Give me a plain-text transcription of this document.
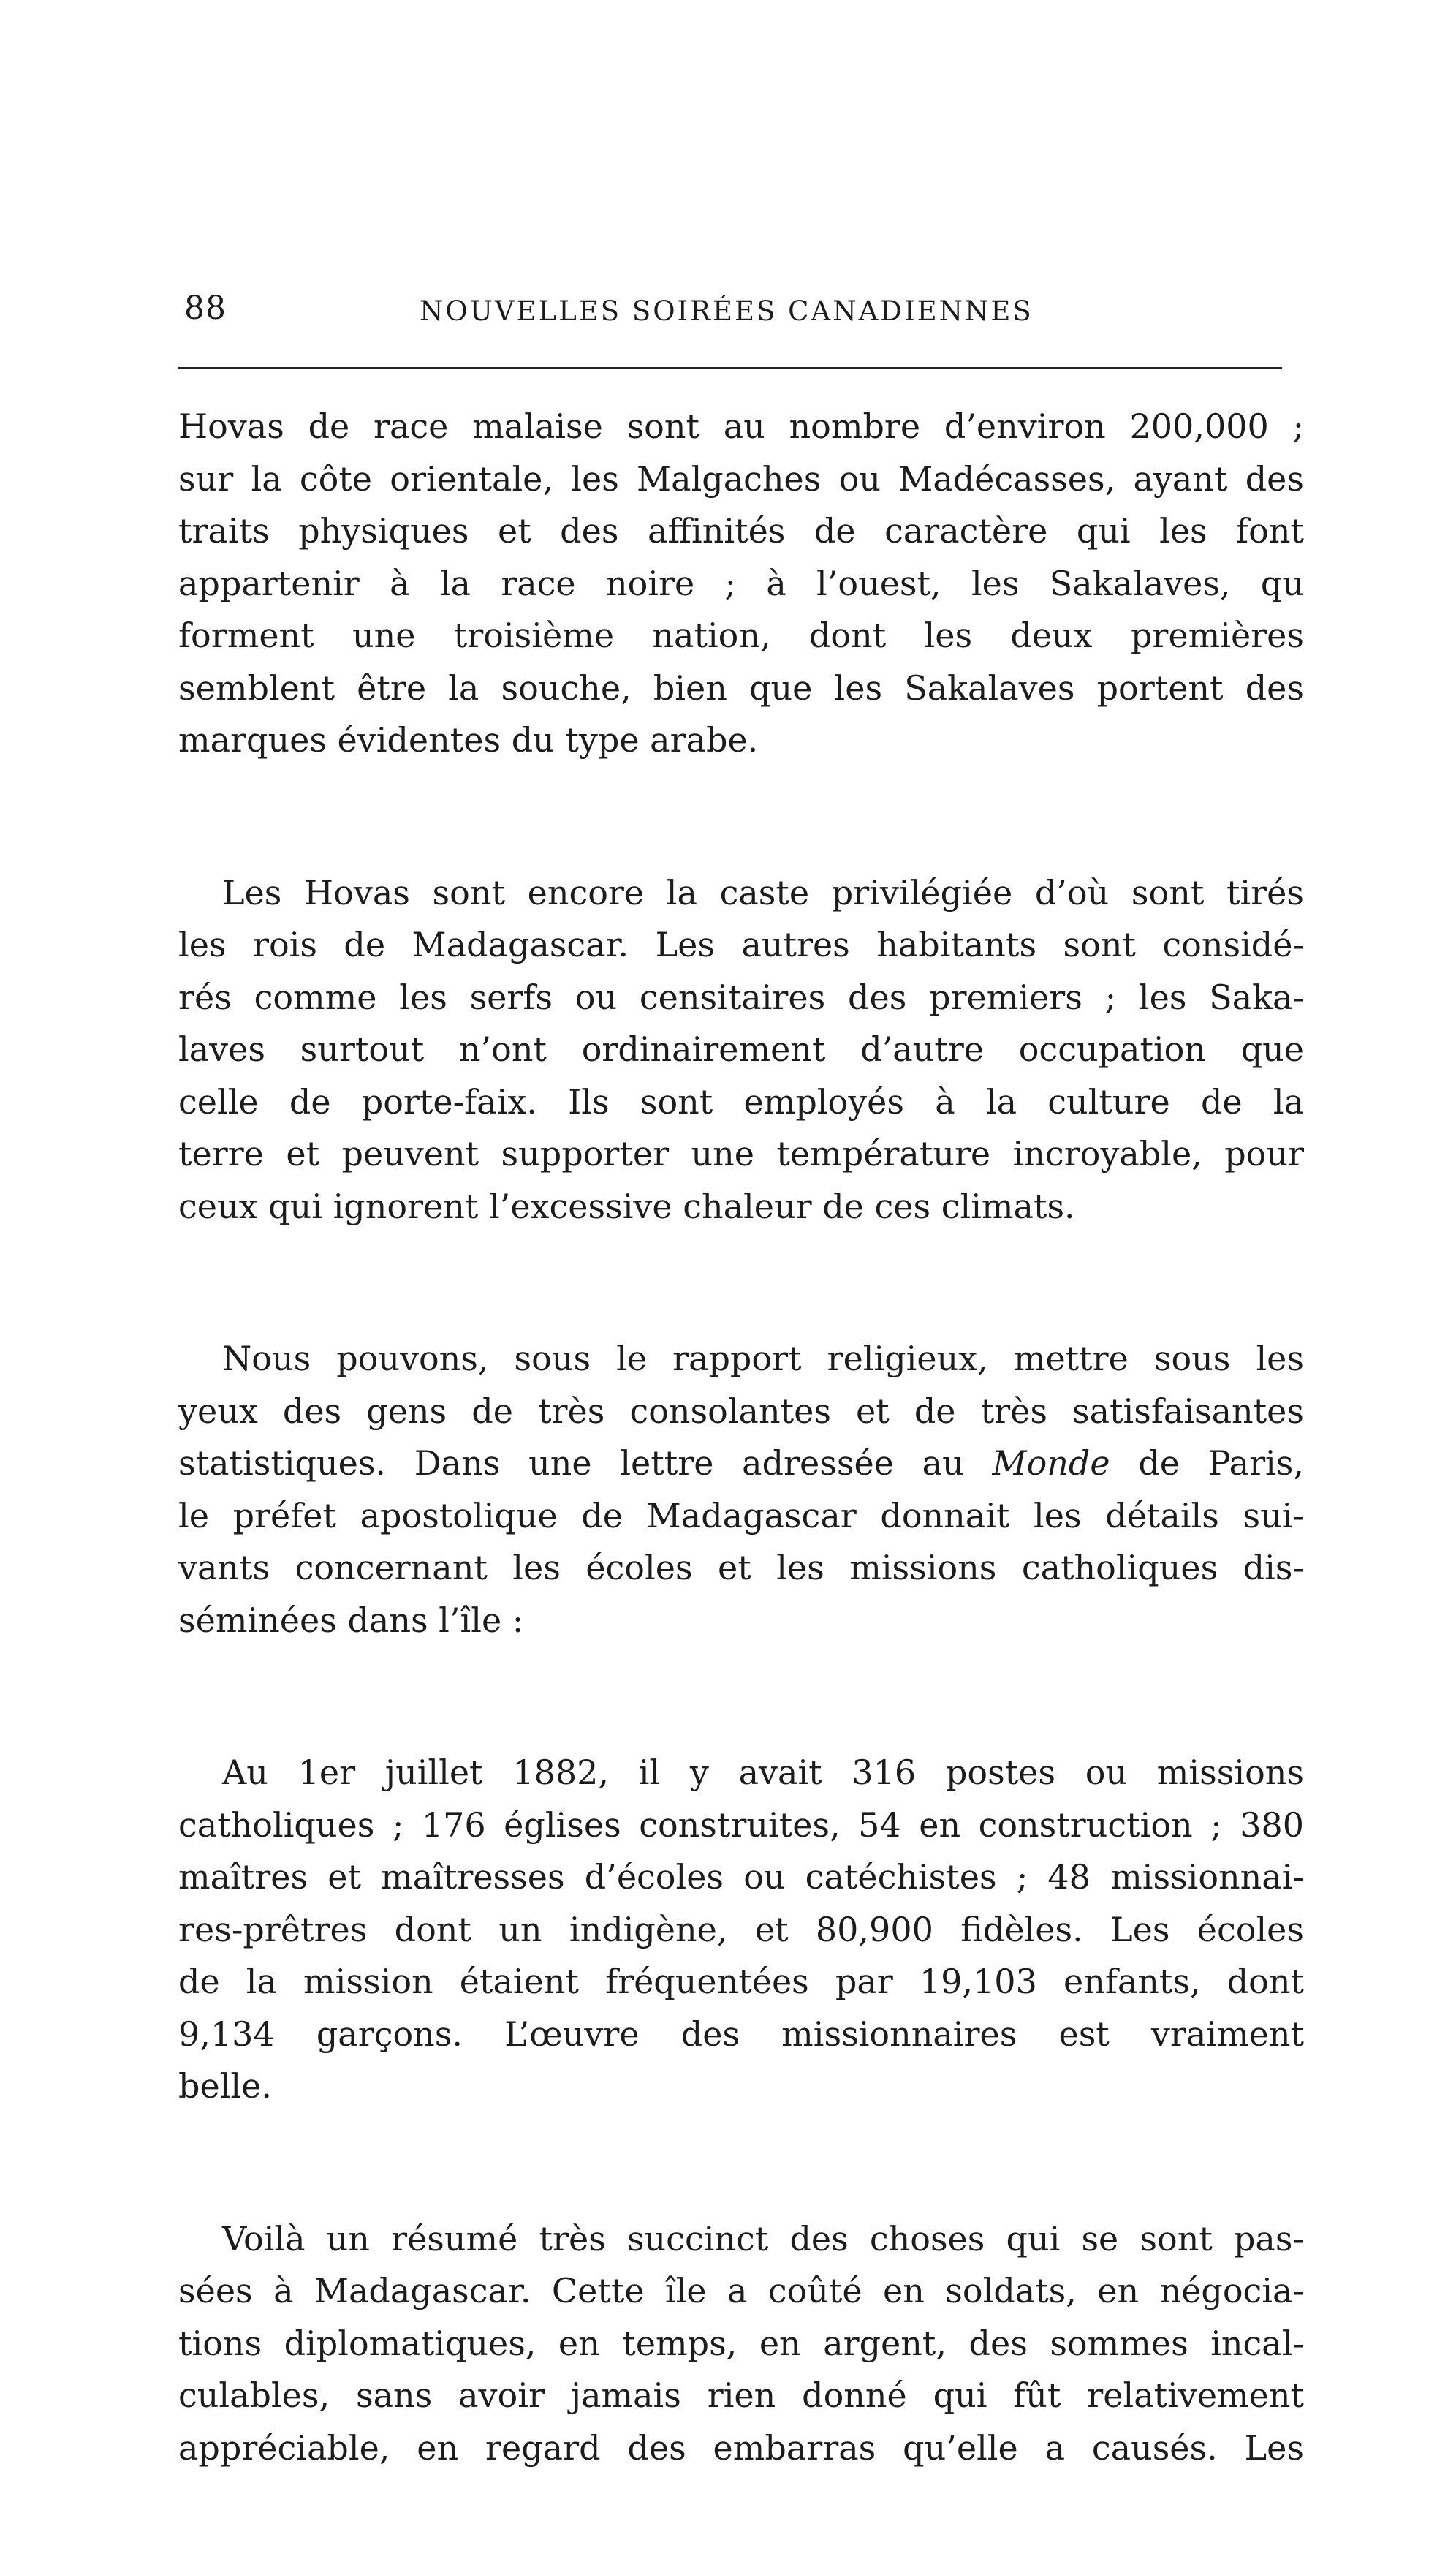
88	NOUVELLES SOIRÉES CANADIENNES

Hovas de race malaise sont au nombre d’environ 200,000 ;
sur la côte orientale, les Malgaches ou Madécasses, ayant des
traits physiques et des affinités de caractère qui les font
appartenir à la race noire ; à l’ouest, les Sakalaves, qu
forment une troisième nation, dont les deux premières
semblent être la souche, bien que les Sakalaves portent des
marques évidentes du type arabe.

Les Hovas sont encore la caste privilégiée d’où sont tirés
les rois de Madagascar. Les autres habitants sont considé-
rés comme les serfs ou censitaires des premiers ; les Saka-
laves surtout n’ont ordinairement d’autre occupation que
celle de porte-faix. Ils sont employés à la culture de la
terre et peuvent supporter une température incroyable, pour
ceux qui ignorent l’excessive chaleur de ces climats.

Nous pouvons, sous le rapport religieux, mettre sous les
yeux des gens de très consolantes et de très satisfaisantes
statistiques. Dans une lettre adressée au Monde de Paris,
le préfet apostolique de Madagascar donnait les détails sui-
vants concernant les écoles et les missions catholiques dis-
séminées dans l’île :

Au 1er juillet 1882, il y avait 316 postes ou missions
catholiques ; 176 églises construites, 54 en construction ; 380
maîtres et maîtresses d’écoles ou catéchistes ; 48 missionnai-
res-prêtres dont un indigène, et 80,900 fidèles. Les écoles
de la mission étaient fréquentées par 19,103 enfants, dont
9,134 garçons. L’œuvre des missionnaires est vraiment
belle.

Voilà un résumé très succinct des choses qui se sont pas-
sées à Madagascar. Cette île a coûté en soldats, en négocia-
tions diplomatiques, en temps, en argent, des sommes incal-
culables, sans avoir jamais rien donné qui fût relativement
appréciable, en regard des embarras qu’elle a causés. Les
